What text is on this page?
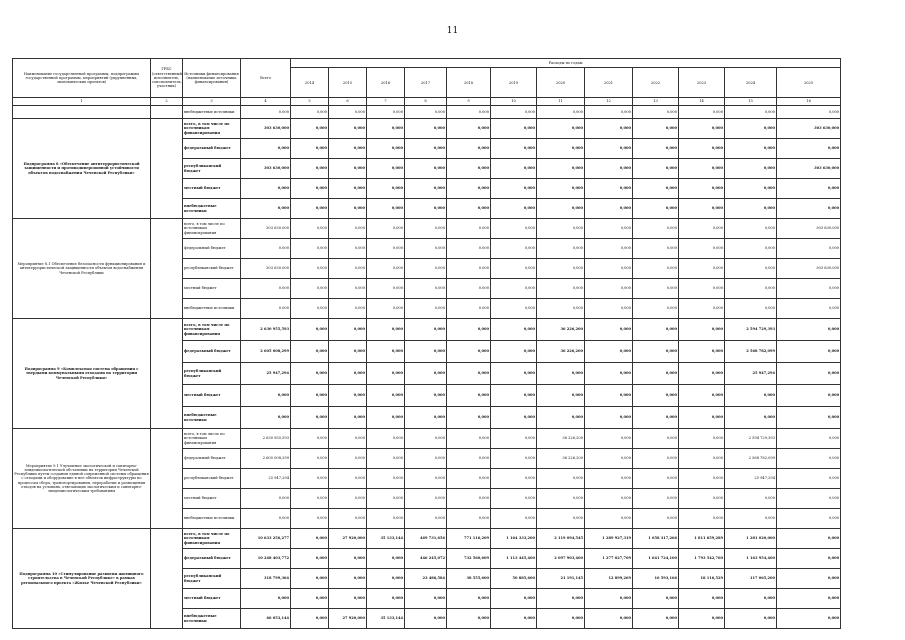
11
Наименование государственной программы, подпрограммы государственной программы, мероприятий (укрупненных, экономических проектов)	ГРБС (ответственный исполнитель, соисполнитель, участник)	Источники финансирования (наименование источника финансирования)	Всего	Расходы по годам											
				2014	2015	2016	2017	2018	2019	2020	2021	2022	2023	2024	2025
1	2	3	4	5	6	7	8	9	10	11	12	13	14	15	16
		внебюджетные источники	0,000	0,000	0,000	0,000	0,000	0,000	0,000	0,000	0,000	0,000	0,000	0,000	0,000
Подпрограмма 8 «Обеспечение антитеррористической защищенности и противодиверсионной устойчивости объектов водоснабжения Чеченской Республики»		всего, в том числе по источникам финансирования	303 630,000	0,000	0,000	0,000	0,000	0,000	0,000	0,000	0,000	0,000	0,000	0,000	303 630,000
		федеральный бюджет	0,000	0,000	0,000	0,000	0,000	0,000	0,000	0,000	0,000	0,000	0,000	0,000	0,000
		республиканский бюджет	303 630,000	0,000	0,000	0,000	0,000	0,000	0,000	0,000	0,000	0,000	0,000	0,000	303 630,000
		местный бюджет	0,000	0,000	0,000	0,000	0,000	0,000	0,000	0,000	0,000	0,000	0,000	0,000	0,000
		внебюджетные источники	0,000	0,000	0,000	0,000	0,000	0,000	0,000	0,000	0,000	0,000	0,000	0,000	0,000
Мероприятие 8.1 Обеспечение безопасности функционирования и антитеррористической защищенности объектов водоснабжения Чеченской Республики		всего, в том числе по источникам финансирования	303 630,000	0,000	0,000	0,000	0,000	0,000	0,000	0,000	0,000	0,000	0,000	0,000	303 630,000
		федеральный бюджет	0,000	0,000	0,000	0,000	0,000	0,000	0,000	0,000	0,000	0,000	0,000	0,000	0,000
		республиканский бюджет	303 630,000	0,000	0,000	0,000	0,000	0,000	0,000	0,000	0,000	0,000	0,000	0,000	303 630,000
		местный бюджет	0,000	0,000	0,000	0,000	0,000	0,000	0,000	0,000	0,000	0,000	0,000	0,000	0,000
		внебюджетные источники	0,000	0,000	0,000	0,000	0,000	0,000	0,000	0,000	0,000	0,000	0,000	0,000	0,000
Подпрограмма 9 «Комплексная система обращения с твердыми коммунальными отходами на территории Чеченской Республики»		всего, в том числе по источникам финансирования	2 630 955,593	0,000	0,000	0,000	0,000	0,000	0,000	36 226,200	0,000	0,000	0,000	2 594 729,393	0,000
		федеральный бюджет	2 605 008,299	0,000	0,000	0,000	0,000	0,000	0,000	36 226,200	0,000	0,000	0,000	2 568 782,099	0,000
		республиканский бюджет	25 947,294	0,000	0,000	0,000	0,000	0,000	0,000	0,000	0,000	0,000	0,000	25 947,294	0,000
		местный бюджет	0,000	0,000	0,000	0,000	0,000	0,000	0,000	0,000	0,000	0,000	0,000	0,000	0,000
		внебюджетные источники	0,000	0,000	0,000	0,000	0,000	0,000	0,000	0,000	0,000	0,000	0,000	0,000	0,000
Мероприятие 9.1 Улучшение экологической и санитарно-эпидемиологической обстановки на территории Чеченской Республики путем создания единой современной системы обращения с отходами и оборудование в нее объектов инфраструктуры по процессам сбора, транспортирования, переработки и размещения отходов на условиях, отвечающих экологическим и санитарно-эпидемиологическим требованиям		всего, в том числе по источникам финансирования	2 630 955,593	0,000	0,000	0,000	0,000	0,000	0,000	36 226,200	0,000	0,000	0,000	2 594 729,393	0,000
		федеральный бюджет	2 605 008,299	0,000	0,000	0,000	0,000	0,000	0,000	36 226,200	0,000	0,000	0,000	2 568 782,099	0,000
		республиканский бюджет	25 947,294	0,000	0,000	0,000	0,000	0,000	0,000	0,000	0,000	0,000	0,000	25 947,294	0,000
		местный бюджет	0,000	0,000	0,000	0,000	0,000	0,000	0,000	0,000	0,000	0,000	0,000	0,000	0,000
		внебюджетные источники	0,000	0,000	0,000	0,000	0,000	0,000	0,000	0,000	0,000	0,000	0,000	0,000	0,000
Подпрограмма 10 «Стимулирование развития жилищного строительства в Чеченской Республике» в рамках регионального проекта «Жилье Чеченской Республики»		всего, в том числе по источникам финансирования	10 633 256,277	0,000	27 920,000	35 133,144	469 731,656	771 116,209	1 164 333,200	2 119 094,545	1 289 927,319	1 658 317,266	1 811 659,289	1 281 020,000	0,000
		федеральный бюджет	10 248 403,772	0,000	0,000	0,000	446 245,072	732 560,609	1 113 445,400	2 097 903,400	1 277 027,709	1 641 724,100	1 793 542,760	1 163 954,400	0,000
		республиканский бюджет	318 799,364	0,000	0,000	0,000	23 486,584	38 555,600	50 885,600	21 191,145	12 899,269	16 593,166	18 116,529	117 065,200	0,000
		местный бюджет	0,000	0,000	0,000	0,000	0,000	0,000	0,000	0,000	0,000	0,000	0,000	0,000	0,000
		внебюджетные источники	66 053,144	0,000	27 920,000	35 133,144	0,000	0,000	0,000	0,000	0,000	0,000	0,000	0,000	0,000
